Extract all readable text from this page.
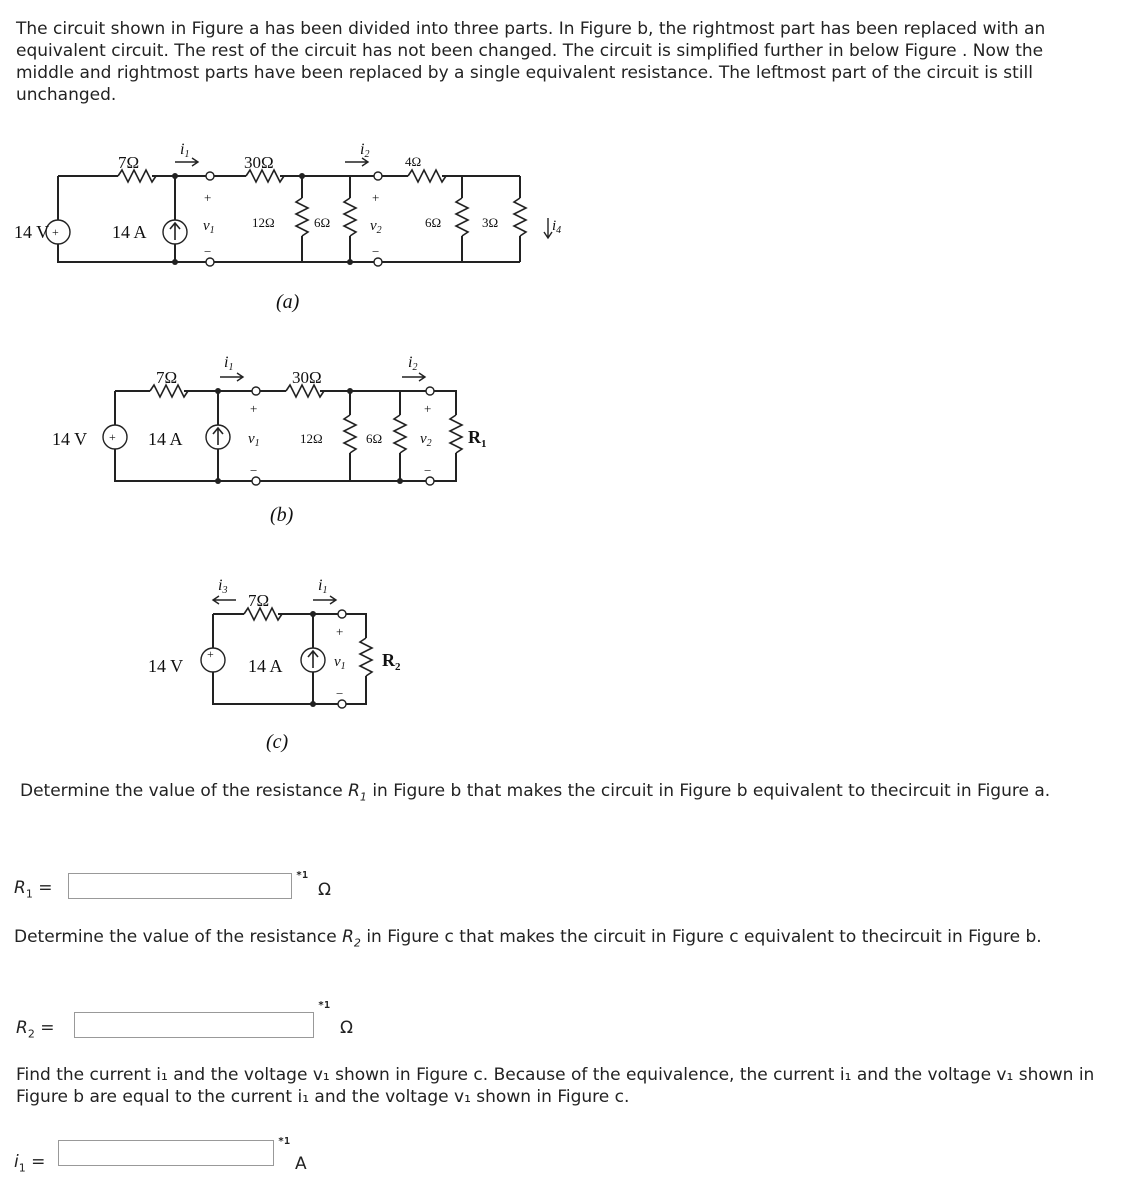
The circuit shown in Figure a has been divided into three parts. In Figure b, the rightmost part has been replaced with an equivalent circuit. The rest of the circuit has not been changed. The circuit is simplified further in below Figure . Now the middle and rightmost parts have been replaced by a single equivalent resistance. The leftmost part of the circuit is still unchanged.

+
14 V	14 A
7Ω	30Ω
12Ω	6Ω
4Ω
6Ω	3Ω
i1	i2
$i_4$
+
−
$v_1$
+
−
$v_2$
(a)
+
14 V	14 A
7Ω	30Ω
12Ω	6Ω	$R_1$
i1	i2
+
−
$v_1$
+
−
$v_2$
(b)
+
14 V	14 A
7Ω
$R_2$
i3	i1
+
−
$v_1$
(c)

Determine the value of the resistance $R_1$ in Figure b that makes the circuit in Figure b equivalent to thecircuit in Figure a.

$R_1$ =
*1
Ω

Determine the value of the resistance $R_2$ in Figure c that makes the circuit in Figure c equivalent to thecircuit in Figure b.

$R_2$ =
*1
Ω

Find the current i₁ and the voltage v₁ shown in Figure c. Because of the equivalence, the current i₁ and the voltage v₁ shown in Figure b are equal to the current i₁ and the voltage v₁ shown in Figure c.

$i_1$ =
*1
A
